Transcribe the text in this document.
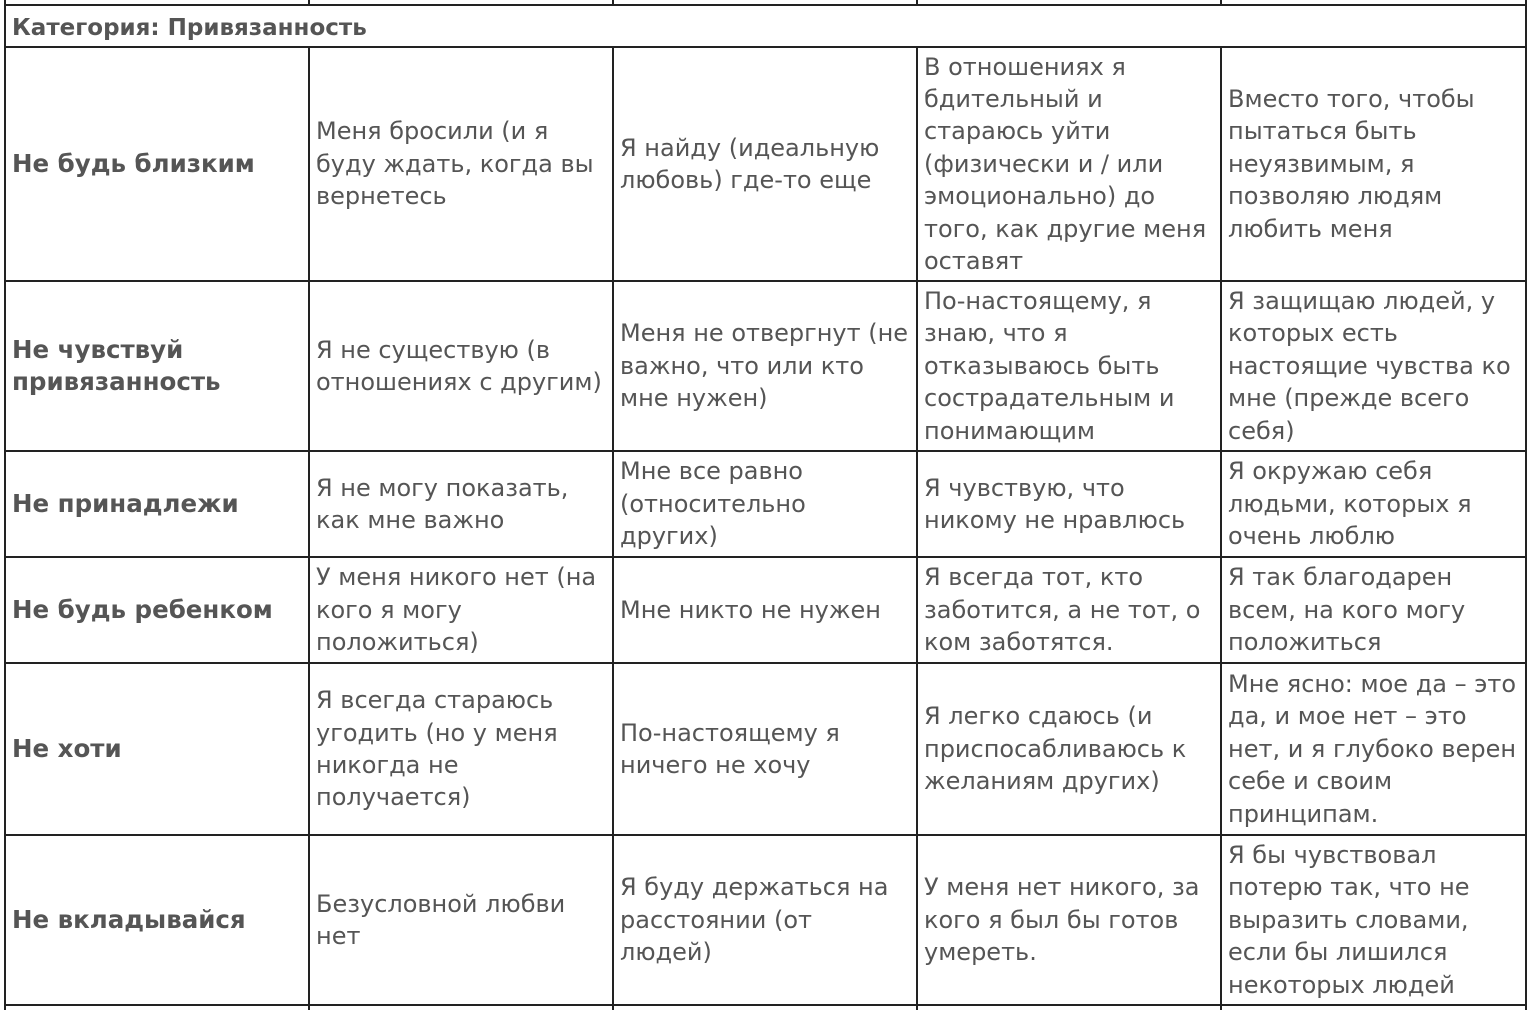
Категория: Привязанность				
Не будь близким	Меня бросили (и я буду ждать, когда вы вернетесь	Я найду (идеальную любовь) где-то еще	В отношениях я бдительный и стараюсь уйти (физически и / или эмоционально) до того, как другие меня оставят	Вместо того, чтобы пытаться быть неуязвимым, я позволяю людям любить меня
Не чувствуй привязанность	Я не существую (в отношениях с другим)	Меня не отвергнут (не важно, что или кто мне нужен)	По-настоящему, я знаю, что я отказываюсь быть сострадательным и понимающим	Я защищаю людей, у которых есть настоящие чувства ко мне (прежде всего себя)
Не принадлежи	Я не могу показать, как мне важно	Мне все равно (относительно других)	Я чувствую, что никому не нравлюсь	Я окружаю себя людьми, которых я очень люблю
Не будь ребенком	У меня никого нет (на кого я могу положиться)	Мне никто не нужен	Я всегда тот, кто заботится, а не тот, о ком заботятся.	Я так благодарен всем, на кого могу положиться
Не хоти	Я всегда стараюсь угодить (но у меня никогда не получается)	По-настоящему я ничего не хочу	Я легко сдаюсь (и приспосабливаюсь к желаниям других)	Мне ясно: мое да – это да, и мое нет – это нет, и я глубоко верен себе и своим принципам.
Не вкладывайся	Безусловной любви нет	Я буду держаться на расстоянии (от людей)	У меня нет никого, за кого я был бы готов умереть.	Я бы чувствовал потерю так, что не выразить словами, если бы лишился некоторых людей
